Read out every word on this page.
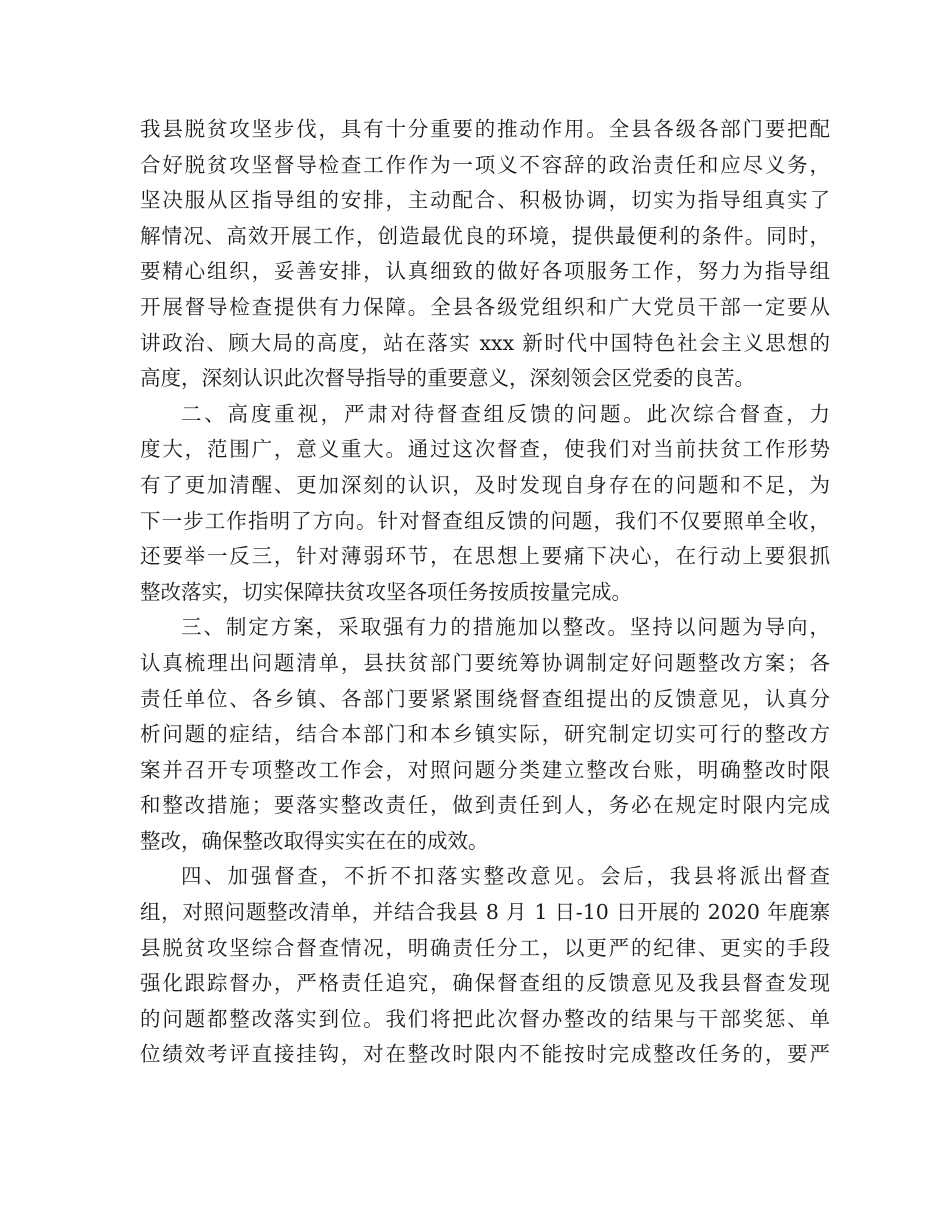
我县脱贫攻坚步伐，具有十分重要的推动作用。全县各级各部门要把配
合好脱贫攻坚督导检查工作作为一项义不容辞的政治责任和应尽义务，
坚决服从区指导组的安排，主动配合、积极协调，切实为指导组真实了
解情况、高效开展工作，创造最优良的环境，提供最便利的条件。同时，
要精心组织，妥善安排，认真细致的做好各项服务工作，努力为指导组
开展督导检查提供有力保障。全县各级党组织和广大党员干部一定要从
讲政治、顾大局的高度，站在落实 xxx 新时代中国特色社会主义思想的
高度，深刻认识此次督导指导的重要意义，深刻领会区党委的良苦。
二、高度重视，严肃对待督查组反馈的问题。此次综合督查，力
度大，范围广，意义重大。通过这次督查，使我们对当前扶贫工作形势
有了更加清醒、更加深刻的认识，及时发现自身存在的问题和不足，为
下一步工作指明了方向。针对督查组反馈的问题，我们不仅要照单全收，
还要举一反三，针对薄弱环节，在思想上要痛下决心，在行动上要狠抓
整改落实，切实保障扶贫攻坚各项任务按质按量完成。
三、制定方案，采取强有力的措施加以整改。坚持以问题为导向，
认真梳理出问题清单，县扶贫部门要统筹协调制定好问题整改方案；各
责任单位、各乡镇、各部门要紧紧围绕督查组提出的反馈意见，认真分
析问题的症结，结合本部门和本乡镇实际，研究制定切实可行的整改方
案并召开专项整改工作会，对照问题分类建立整改台账，明确整改时限
和整改措施；要落实整改责任，做到责任到人，务必在规定时限内完成
整改，确保整改取得实实在在的成效。
四、加强督查，不折不扣落实整改意见。会后，我县将派出督查
组，对照问题整改清单，并结合我县 8 月 1 日-10 日开展的 2020 年鹿寨
县脱贫攻坚综合督查情况，明确责任分工，以更严的纪律、更实的手段
强化跟踪督办，严格责任追究，确保督查组的反馈意见及我县督查发现
的问题都整改落实到位。我们将把此次督办整改的结果与干部奖惩、单
位绩效考评直接挂钩，对在整改时限内不能按时完成整改任务的，要严
